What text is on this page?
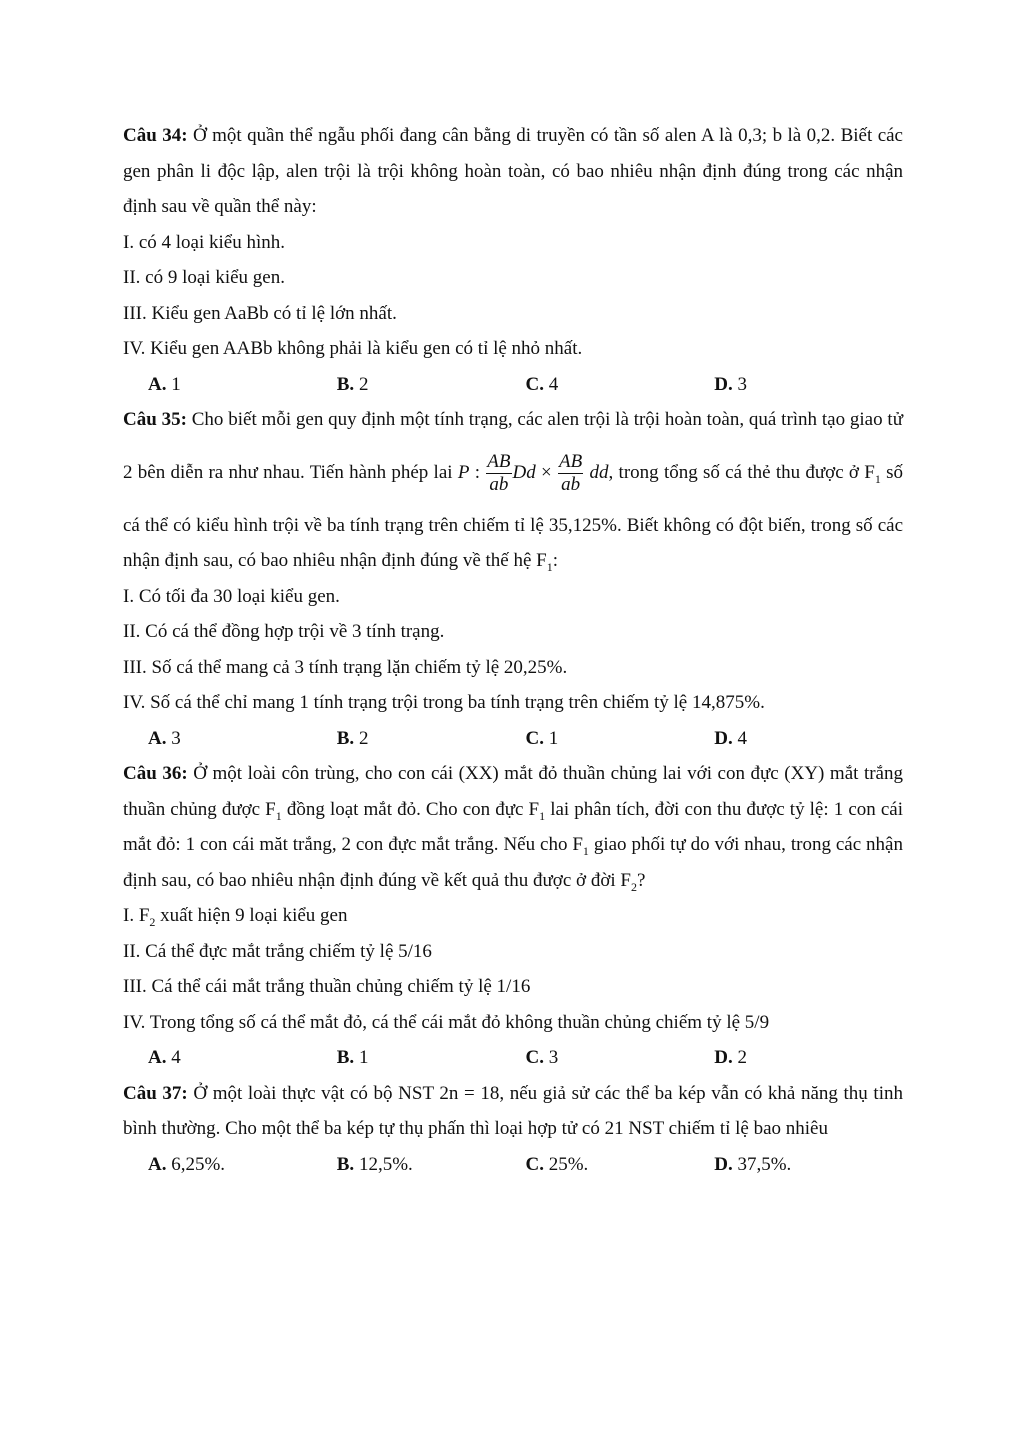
Câu 34: Ở một quần thể ngẫu phối đang cân bằng di truyền có tần số alen A là 0,3; b là 0,2. Biết các gen phân li độc lập, alen trội là trội không hoàn toàn, có bao nhiêu nhận định đúng trong các nhận định sau về quần thể này:

I. có 4 loại kiểu hình.

II. có 9 loại kiểu gen.

III. Kiểu gen AaBb có tỉ lệ lớn nhất.

IV. Kiểu gen AABb không phải là kiểu gen có tỉ lệ nhỏ nhất.

A. 1	B. 2	C. 4	D. 3

Câu 35: Cho biết mỗi gen quy định một tính trạng, các alen trội là trội hoàn toàn, quá trình tạo giao tử 2 bên diễn ra như nhau. Tiến hành phép lai P : $\frac{AB}{ab}$ $Dd \times \frac{AB}{ab}$ dd, trong tổng số cá thẻ thu được ở $F_1$ số cá thể có kiểu hình trội về ba tính trạng trên chiếm tỉ lệ 35,125%. Biết không có đột biến, trong số các nhận định sau, có bao nhiêu nhận định đúng về thế hệ $F_1$:

I. Có tối đa 30 loại kiểu gen.

II. Có cá thể đồng hợp trội về 3 tính trạng.

III. Số cá thể mang cả 3 tính trạng lặn chiếm tỷ lệ 20,25%.

IV. Số cá thể chỉ mang 1 tính trạng trội trong ba tính trạng trên chiếm tỷ lệ 14,875%.

A. 3	B. 2	C. 1	D. 4

Câu 36: Ở một loài côn trùng, cho con cái (XX) mắt đỏ thuần chủng lai với con đực (XY) mắt trắng thuần chủng được $F_1$ đồng loạt mắt đỏ. Cho con đực $F_1$ lai phân tích, đời con thu được tỷ lệ: 1 con cái mắt đỏ: 1 con cái măt trắng, 2 con đực mắt trắng. Nếu cho $F_1$ giao phối tự do với nhau, trong các nhận định sau, có bao nhiêu nhận định đúng về kết quả thu được ở đời $F_2$?

I. $F_2$ xuất hiện 9 loại kiểu gen

II. Cá thể đực mắt trắng chiếm tỷ lệ 5/16

III. Cá thể cái mắt trắng thuần chủng chiếm tỷ lệ 1/16

IV. Trong tổng số cá thể mắt đỏ, cá thể cái mắt đỏ không thuần chủng chiếm tỷ lệ 5/9

A. 4	B. 1	C. 3	D. 2

Câu 37: Ở một loài thực vật có bộ NST 2n = 18, nếu giả sử các thể ba kép vẫn có khả năng thụ tinh bình thường. Cho một thể ba kép tự thụ phấn thì loại hợp tử có 21 NST chiếm tỉ lệ bao nhiêu

A. 6,25%.	B. 12,5%.	C. 25%.	D. 37,5%.
